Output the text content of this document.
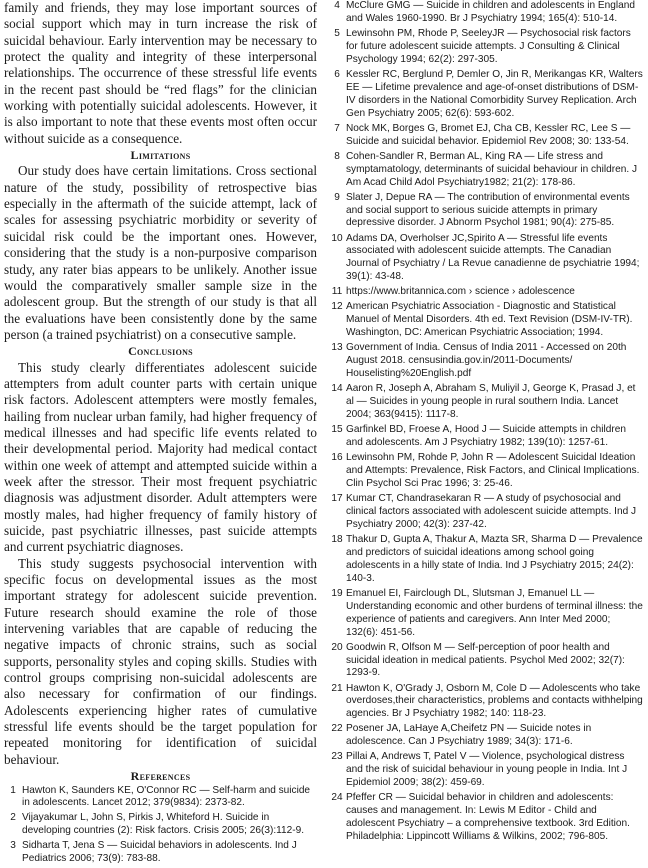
family and friends, they may lose important sources of social support which may in turn increase the risk of suicidal behaviour. Early intervention may be necessary to protect the quality and integrity of these interpersonal relationships. The occurrence of these stressful life events in the recent past should be “red flags” for the clinician working with potentially suicidal adolescents. However, it is also important to note that these events most often occur without suicide as a consequence.

Limitations

Our study does have certain limitations. Cross sectional nature of the study, possibility of retrospective bias especially in the aftermath of the suicide attempt, lack of scales for assessing psychiatric morbidity or severity of suicidal risk could be the important ones. However, considering that the study is a non-purposive comparison study, any rater bias appears to be unlikely. Another issue would the comparatively smaller sample size in the adolescent group. But the strength of our study is that all the evaluations have been consistently done by the same person (a trained psychiatrist) on a consecutive sample.

Conclusions

This study clearly differentiates adolescent suicide attempters from adult counter parts with certain unique risk factors. Adolescent attempters were mostly females, hailing from nuclear urban family, had higher frequency of medical illnesses and had specific life events related to their developmental period. Majority had medical contact within one week of attempt and attempted suicide within a week after the stressor. Their most frequent psychiatric diagnosis was adjustment disorder. Adult attempters were mostly males, had higher frequency of family history of suicide, past psychiatric illnesses, past suicide attempts and current psychiatric diagnoses.

This study suggests psychosocial intervention with specific focus on developmental issues as the most important strategy for adolescent suicide prevention. Future research should examine the role of those intervening variables that are capable of reducing the negative impacts of chronic strains, such as social supports, personality styles and coping skills. Studies with control groups comprising non-suicidal adolescents are also necessary for confirmation of our findings. Adolescents experiencing higher rates of cumulative stressful life events should be the target population for repeated monitoring for identification of suicidal behaviour.

References
1 Hawton K, Saunders KE, O'Connor RC — Self-harm and suicide in adolescents. Lancet 2012; 379(9834): 2373-82.
2 Vijayakumar L, John S, Pirkis J, Whiteford H. Suicide in developing countries (2): Risk factors. Crisis 2005; 26(3):112-9.
3 Sidharta T, Jena S — Suicidal behaviors in adolescents. Ind J Pediatrics 2006; 73(9): 783-88.
4 McClure GMG — Suicide in children and adolescents in England and Wales 1960-1990. Br J Psychiatry 1994; 165(4): 510-14.
5 Lewinsohn PM, Rhode P, SeeleyJR — Psychosocial risk factors for future adolescent suicide attempts. J Consulting & Clinical Psychology 1994; 62(2): 297-305.
6 Kessler RC, Berglund P, Demler O, Jin R, Merikangas KR, Walters EE — Lifetime prevalence and age-of-onset distributions of DSM-IV disorders in the National Comorbidity Survey Replication. Arch Gen Psychiatry 2005; 62(6): 593-602.
7 Nock MK, Borges G, Bromet EJ, Cha CB, Kessler RC, Lee S — Suicide and suicidal behavior. Epidemiol Rev 2008; 30: 133-54.
8 Cohen-Sandler R, Berman AL, King RA — Life stress and symptamatology, determinants of suicidal behaviour in children. J Am Acad Child Adol Psychiatry1982; 21(2): 178-86.
9 Slater J, Depue RA — The contribution of environmental events and social support to serious suicide attempts in primary depressive disorder. J Abnorm Psychol 1981; 90(4): 275-85.
10 Adams DA, Overholser JC,Spirito A — Stressful life events associated with adolescent suicide attempts. The Canadian Journal of Psychiatry / La Revue canadienne de psychiatrie 1994; 39(1): 43-48.
11 https://www.britannica.com › science › adolescence
12 American Psychiatric Association - Diagnostic and Statistical Manuel of Mental Disorders. 4th ed. Text Revision (DSM-IV-TR). Washington, DC: American Psychiatric Association; 1994.
13 Government of India. Census of India 2011 - Accessed on 20th August 2018. censusindia.gov.in/2011-Documents/ Houselisting%20English.pdf
14 Aaron R, Joseph A, Abraham S, Muliyil J, George K, Prasad J, et al — Suicides in young people in rural southern India. Lancet 2004; 363(9415): 1117-8.
15 Garfinkel BD, Froese A, Hood J — Suicide attempts in children and adolescents. Am J Psychiatry 1982; 139(10): 1257-61.
16 Lewinsohn PM, Rohde P, John R — Adolescent Suicidal Ideation and Attempts: Prevalence, Risk Factors, and Clinical Implications. Clin Psychol Sci Prac 1996; 3: 25-46.
17 Kumar CT, Chandrasekaran R — A study of psychosocial and clinical factors associated with adolescent suicide attempts. Ind J Psychiatry 2000; 42(3): 237-42.
18 Thakur D, Gupta A, Thakur A, Mazta SR, Sharma D — Prevalence and predictors of suicidal ideations among school going adolescents in a hilly state of India. Ind J Psychiatry 2015; 24(2): 140-3.
19 Emanuel EI, Fairclough DL, Slutsman J, Emanuel LL — Understanding economic and other burdens of terminal illness: the experience of patients and caregivers. Ann Inter Med 2000; 132(6): 451-56.
20 Goodwin R, Olfson M — Self-perception of poor health and suicidal ideation in medical patients. Psychol Med 2002; 32(7): 1293-9.
21 Hawton K, O'Grady J, Osborn M, Cole D — Adolescents who take overdoses,their characteristics, problems and contacts withhelping agencies. Br J Psychiatry 1982; 140: 118-23.
22 Posener JA, LaHaye A,Cheifetz PN — Suicide notes in adolescence. Can J Psychiatry 1989; 34(3): 171-6.
23 Pillai A, Andrews T, Patel V — Violence, psychological distress and the risk of suicidal behaviour in young people in India. Int J Epidemiol 2009; 38(2): 459-69.
24 Pfeffer CR — Suicidal behavior in children and adolescents: causes and management. In: Lewis M Editor - Child and adolescent Psychiatry – a comprehensive textbook. 3rd Edition. Philadelphia: Lippincott Williams & Wilkins, 2002; 796-805.
